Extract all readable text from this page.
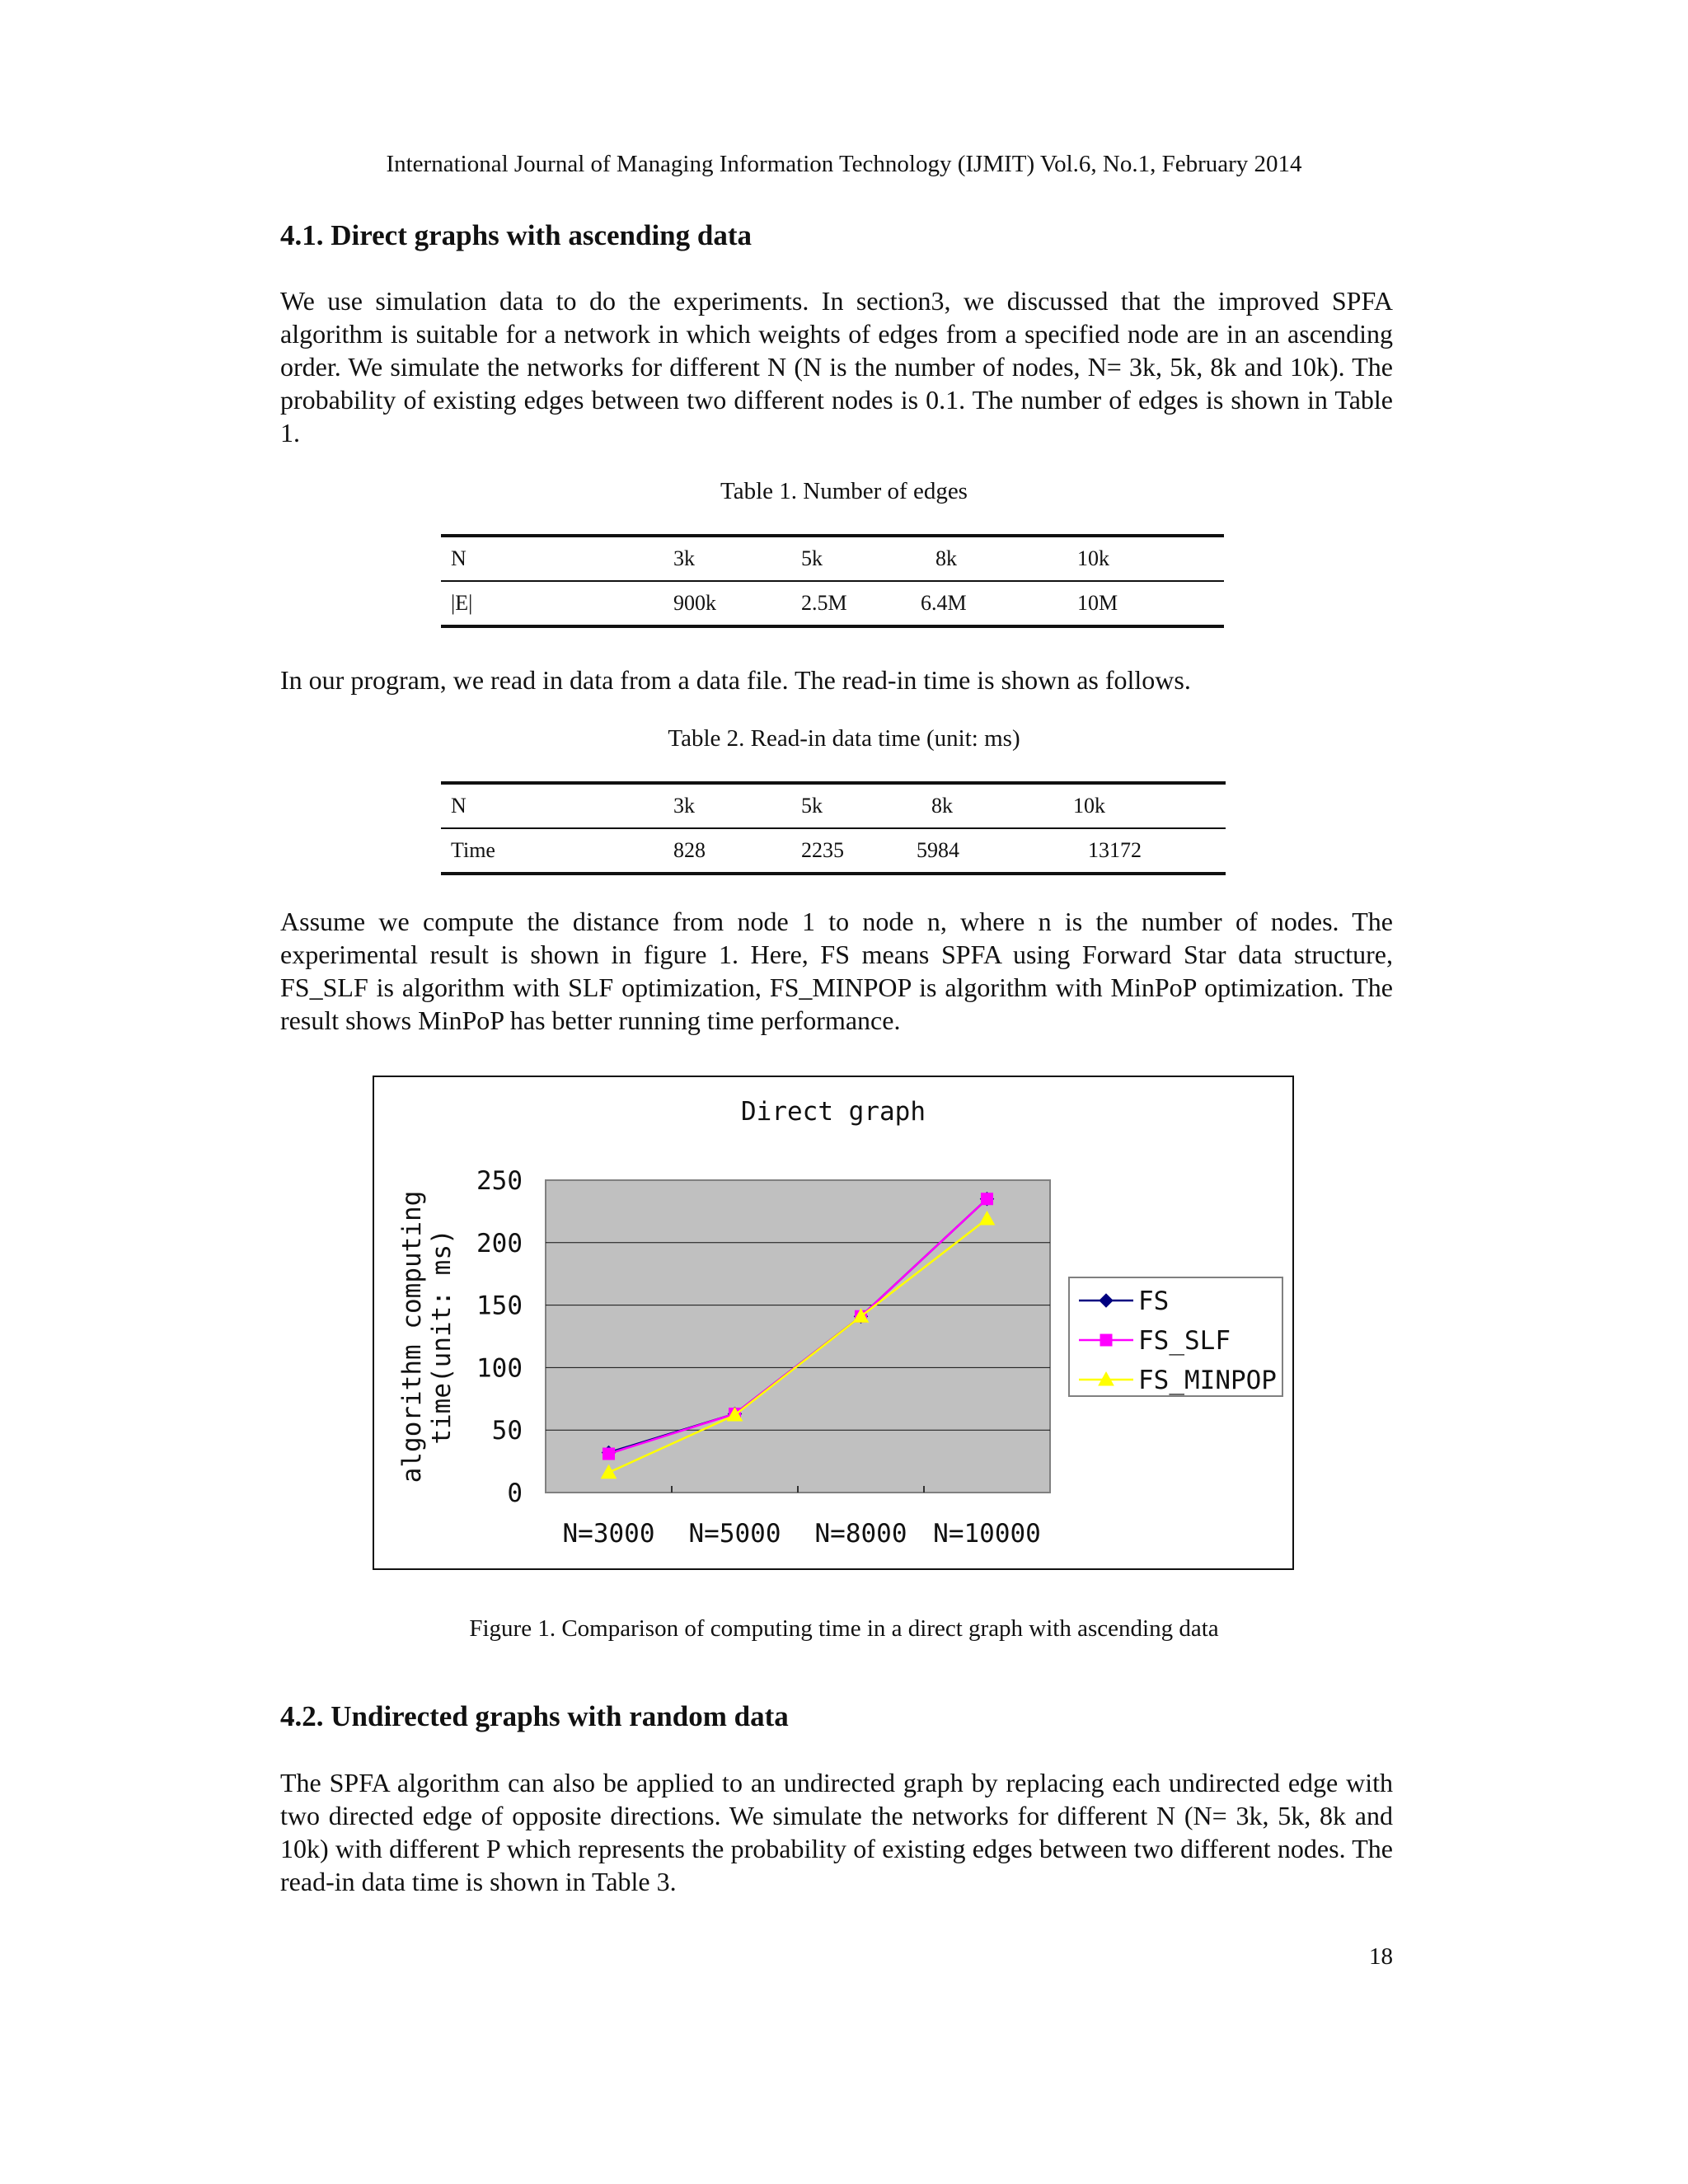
International Journal of Managing Information Technology (IJMIT) Vol.6, No.1, February 2014
4.1. Direct graphs with ascending data

We use simulation data to do the experiments. In section3, we discussed that the improved SPFA algorithm is suitable for a network in which weights of edges from a specified node are in an ascending order. We simulate the networks for different N (N is the number of nodes, N= 3k, 5k, 8k and 10k). The probability of existing edges between two different nodes is 0.1. The number of edges is shown in Table 1.

Table 1. Number of edges
N	3k	5k	8k	10k
|E|	900k	2.5M	6.4M	10M

In our program, we read in data from a data file. The read-in time is shown as follows.

Table 2. Read-in data time (unit: ms)
N	3k	5k	8k	10k
Time	828	2235	5984	13172

Assume we compute the distance from node 1 to node n, where n is the number of nodes. The experimental result is shown in figure 1. Here, FS means SPFA using Forward Star data structure, FS_SLF is algorithm with SLF optimization, FS_MINPOP is algorithm with MinPoP optimization. The result shows MinPoP has better running time performance.

Direct graph
0
50
100
150
200
250
N=3000 N=5000 N=8000 N=10000
algorithm computing time(unit: ms)	FS
FS_SLF
FS_MINPOP
Figure 1. Comparison of computing time in a direct graph with ascending data
4.2. Undirected graphs with random data

The SPFA algorithm can also be applied to an undirected graph by replacing each undirected edge with two directed edge of opposite directions. We simulate the networks for different N (N= 3k, 5k, 8k and 10k) with different P which represents the probability of existing edges between two different nodes. The read-in data time is shown in Table 3.

18
